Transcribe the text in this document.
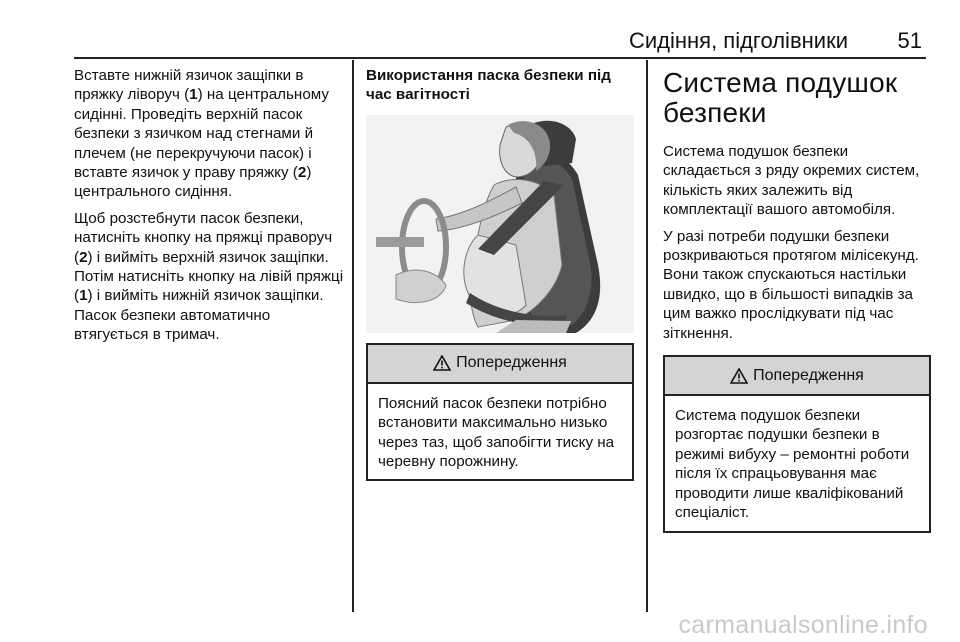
Сидіння, підголівники 51

Вставте нижній язичок защіпки в пряжку ліворуч (1) на центральному сидінні. Проведіть верхній пасок безпеки з язичком над стегнами й плечем (не перекручуючи пасок) і вставте язичок у праву пряжку (2) центрального сидіння.

Щоб розстебнути пасок безпеки, натисніть кнопку на пряжці праворуч (2) і вийміть верхній язичок защіпки. Потім натисніть кнопку на лівій пряжці (1) і вийміть нижній язичок защіпки. Пасок безпеки автоматично втягується в тримач.

Використання паска безпеки під час вагітності
Попередження

Поясний пасок безпеки потрібно встановити максимально низько через таз, щоб запобігти тиску на черевну порожнину.

Система подушок безпеки

Система подушок безпеки складається з ряду окремих систем, кількість яких залежить від комплектації вашого автомобіля.

У разі потреби подушки безпеки розкриваються протягом мілісекунд. Вони також спускаються настільки швидко, що в більшості випадків за цим важко прослідкувати під час зіткнення.

Попередження

Система подушок безпеки розгортає подушки безпеки в режимі вибуху – ремонтні роботи після їх спрацьовування має проводити лише кваліфікований спеціаліст.

carmanualsonline.info
